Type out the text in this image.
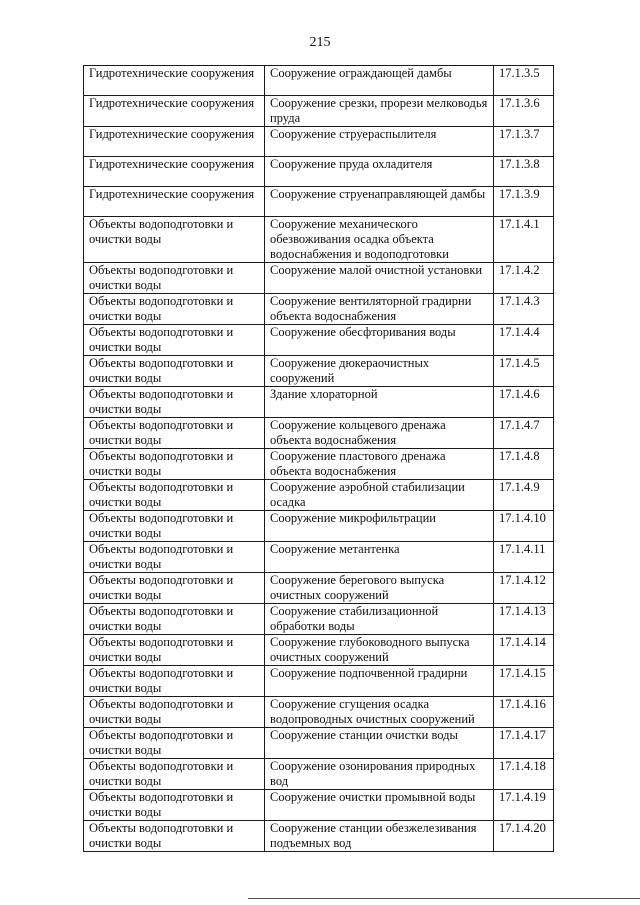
215
Гидротехнические сооружения	Сооружение ограждающей дамбы	17.1.3.5
Гидротехнические сооружения	Сооружение срезки, прорези мелководья пруда	17.1.3.6
Гидротехнические сооружения	Сооружение струераспылителя	17.1.3.7
Гидротехнические сооружения	Сооружение пруда охладителя	17.1.3.8
Гидротехнические сооружения	Сооружение струенаправляющей дамбы	17.1.3.9
Объекты водоподготовки и очистки воды	Сооружение механического обезвоживания осадка объекта водоснабжения и водоподготовки	17.1.4.1
Объекты водоподготовки и очистки воды	Сооружение малой очистной установки	17.1.4.2
Объекты водоподготовки и очистки воды	Сооружение вентиляторной градирни объекта водоснабжения	17.1.4.3
Объекты водоподготовки и очистки воды	Сооружение обесфторивания воды	17.1.4.4
Объекты водоподготовки и очистки воды	Сооружение дюкераочистных сооружений	17.1.4.5
Объекты водоподготовки и очистки воды	Здание хлораторной	17.1.4.6
Объекты водоподготовки и очистки воды	Сооружение кольцевого дренажа объекта водоснабжения	17.1.4.7
Объекты водоподготовки и очистки воды	Сооружение пластового дренажа объекта водоснабжения	17.1.4.8
Объекты водоподготовки и очистки воды	Сооружение аэробной стабилизации осадка	17.1.4.9
Объекты водоподготовки и очистки воды	Сооружение микрофильтрации	17.1.4.10
Объекты водоподготовки и очистки воды	Сооружение метантенка	17.1.4.11
Объекты водоподготовки и очистки воды	Сооружение берегового выпуска очистных сооружений	17.1.4.12
Объекты водоподготовки и очистки воды	Сооружение стабилизационной обработки воды	17.1.4.13
Объекты водоподготовки и очистки воды	Сооружение глубоководного выпуска очистных сооружений	17.1.4.14
Объекты водоподготовки и очистки воды	Сооружение подпочвенной градирни	17.1.4.15
Объекты водоподготовки и очистки воды	Сооружение сгущения осадка водопроводных очистных сооружений	17.1.4.16
Объекты водоподготовки и очистки воды	Сооружение станции очистки воды	17.1.4.17
Объекты водоподготовки и очистки воды	Сооружение озонирования природных вод	17.1.4.18
Объекты водоподготовки и очистки воды	Сооружение очистки промывной воды	17.1.4.19
Объекты водоподготовки и очистки воды	Сооружение станции обезжелезивания подъемных вод	17.1.4.20
